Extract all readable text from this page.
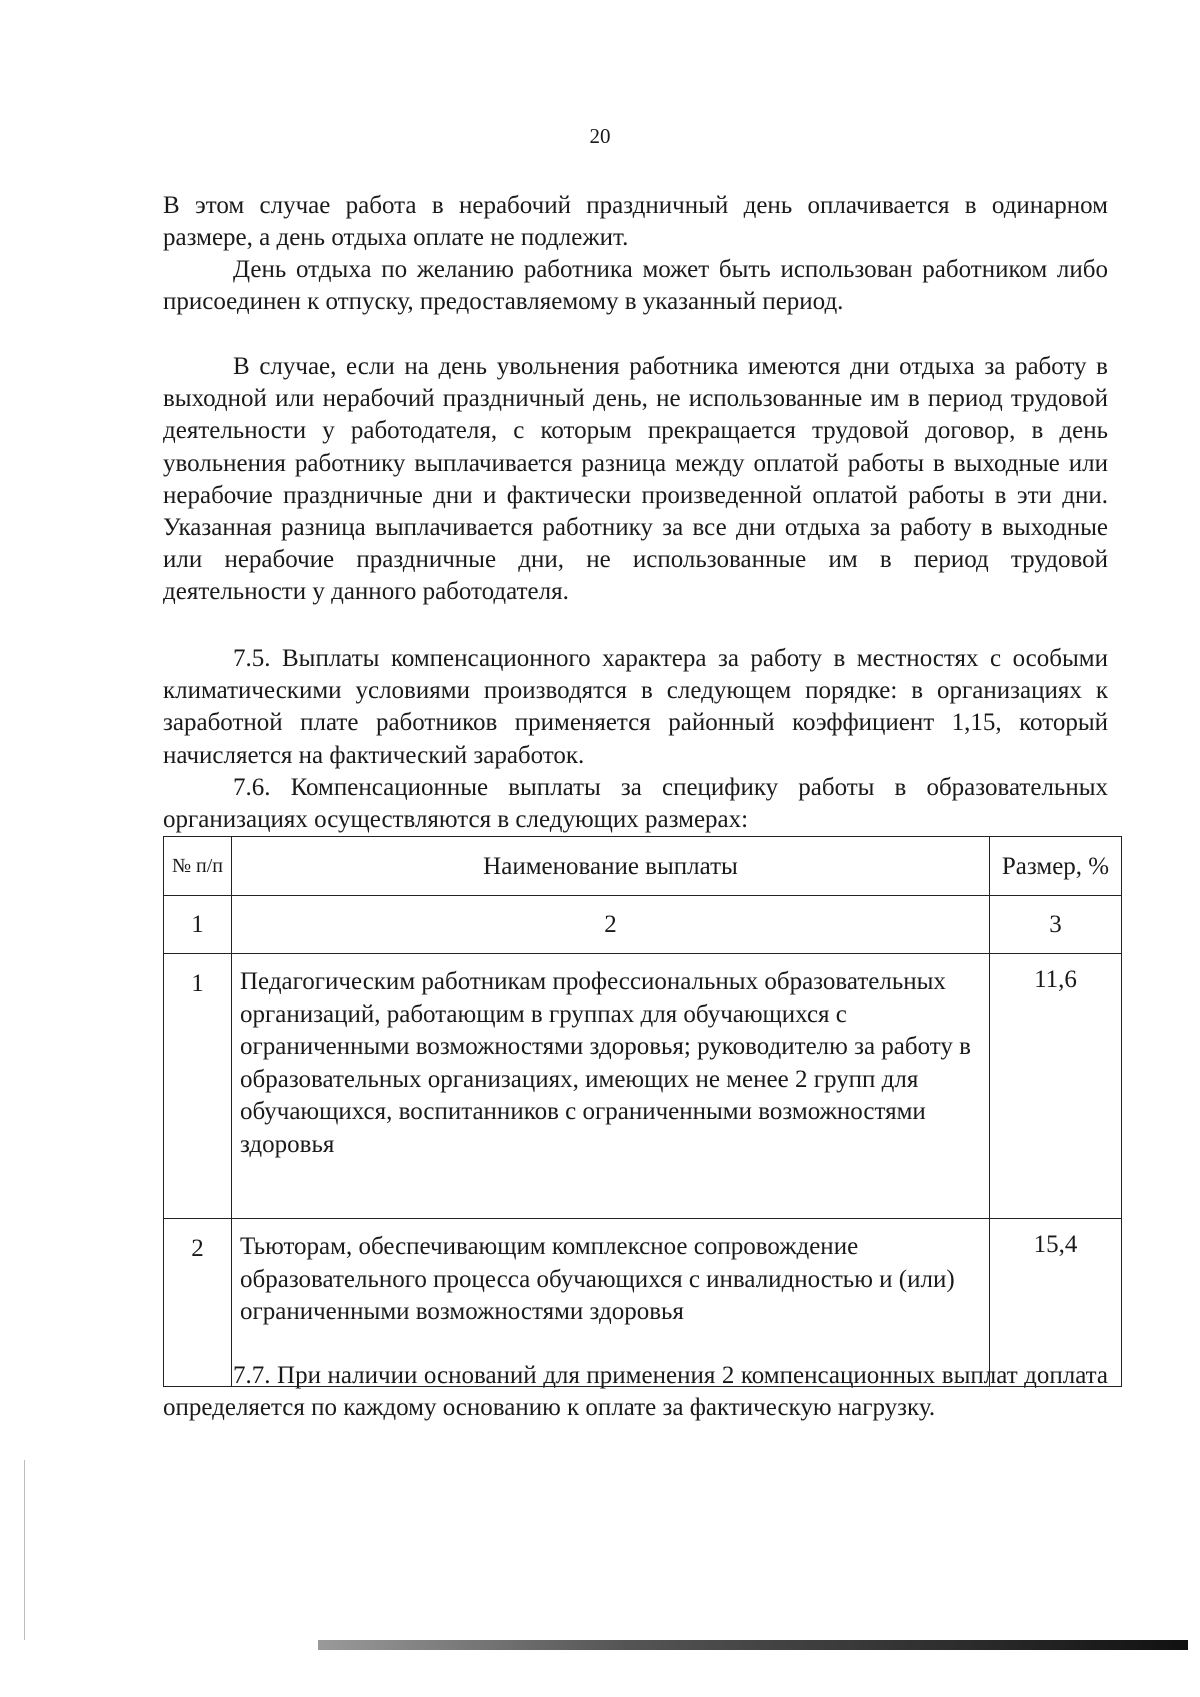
20

В этом случае работа в нерабочий праздничный день оплачивается в одинарном размере, а день отдыха оплате не подлежит.

День отдыха по желанию работника может быть использован работником либо присоединен к отпуску, предоставляемому в указанный период.

В случае, если на день увольнения работника имеются дни отдыха за работу в выходной или нерабочий праздничный день, не использованные им в период трудовой деятельности у работодателя, с которым прекращается трудовой договор, в день увольнения работнику выплачивается разница между оплатой работы в выходные или нерабочие праздничные дни и фактически произведенной оплатой работы в эти дни. Указанная разница выплачивается работнику за все дни отдыха за работу в выходные или нерабочие праздничные дни, не использованные им в период трудовой деятельности у данного работодателя.

7.5. Выплаты компенсационного характера за работу в местностях с особыми климатическими условиями производятся в следующем порядке: в организациях к заработной плате работников применяется районный коэффициент 1,15, который начисляется на фактический заработок.

7.6. Компенсационные выплаты за специфику работы в образовательных организациях осуществляются в следующих размерах:

№ п/п	Наименование выплаты	Размер, %
1	2	3
1	Педагогическим работникам профессиональных образовательных организаций, работающим в группах для обучающихся с ограниченными возможностями здоровья; руководителю за работу в образовательных организациях, имеющих не менее 2 групп для обучающихся, воспитанников с ограниченными возможностями здоровья	11,6
2	Тьюторам, обеспечивающим комплексное сопровождение образовательного процесса обучающихся с инвалидностью и (или) ограниченными возможностями здоровья	15,4

7.7. При наличии оснований для применения 2 компенсационных выплат доплата определяется по каждому основанию к оплате за фактическую нагрузку.
